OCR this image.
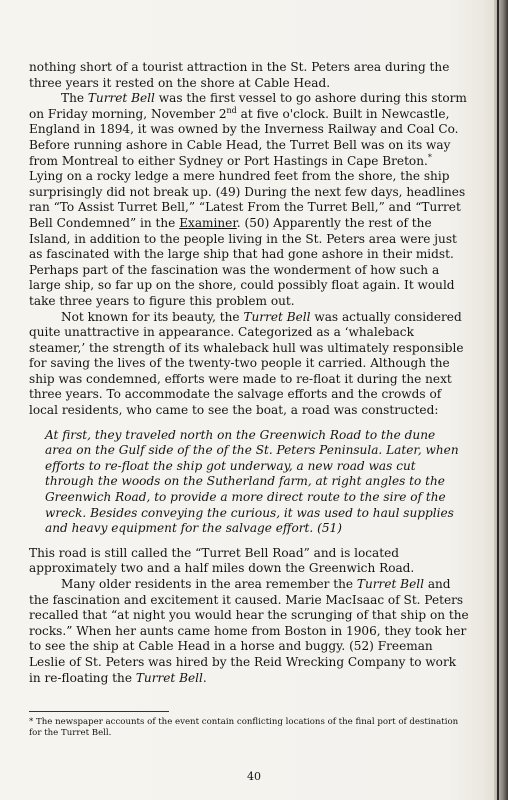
nothing short of a tourist attraction in the St. Peters area during the three years it rested on the shore at Cable Head.

The Turret Bell was the first vessel to go ashore during this storm on Friday morning, November 2nd at five o'clock. Built in Newcastle, England in 1894, it was owned by the Inverness Railway and Coal Co. Before running ashore in Cable Head, the Turret Bell was on its way from Montreal to either Sydney or Port Hastings in Cape Breton.* Lying on a rocky ledge a mere hundred feet from the shore, the ship surprisingly did not break up. (49) During the next few days, headlines ran “To Assist Turret Bell,” “Latest From the Turret Bell,” and “Turret Bell Condemned” in the Examiner. (50) Apparently the rest of the Island, in addition to the people living in the St. Peters area were just as fascinated with the large ship that had gone ashore in their midst. Perhaps part of the fascination was the wonderment of how such a large ship, so far up on the shore, could possibly float again. It would take three years to figure this problem out.

Not known for its beauty, the Turret Bell was actually considered quite unattractive in appearance. Categorized as a ‘whaleback steamer,’ the strength of its whaleback hull was ultimately responsible for saving the lives of the twenty-two people it carried. Although the ship was condemned, efforts were made to re-float it during the next three years. To accommodate the salvage efforts and the crowds of local residents, who came to see the boat, a road was constructed:

At first, they traveled north on the Greenwich Road to the dune area on the Gulf side of the of the St. Peters Peninsula. Later, when efforts to re-float the ship got underway, a new road was cut through the woods on the Sutherland farm, at right angles to the Greenwich Road, to provide a more direct route to the sire of the wreck. Besides conveying the curious, it was used to haul supplies and heavy equipment for the salvage effort. (51)

This road is still called the “Turret Bell Road” and is located approximately two and a half miles down the Greenwich Road.

Many older residents in the area remember the Turret Bell and the fascination and excitement it caused. Marie MacIsaac of St. Peters recalled that “at night you would hear the scrunging of that ship on the rocks.” When her aunts came home from Boston in 1906, they took her to see the ship at Cable Head in a horse and buggy. (52) Freeman Leslie of St. Peters was hired by the Reid Wrecking Company to work in re-floating the Turret Bell.

* The newspaper accounts of the event contain conflicting locations of the final port of destination for the Turret Bell.
40
